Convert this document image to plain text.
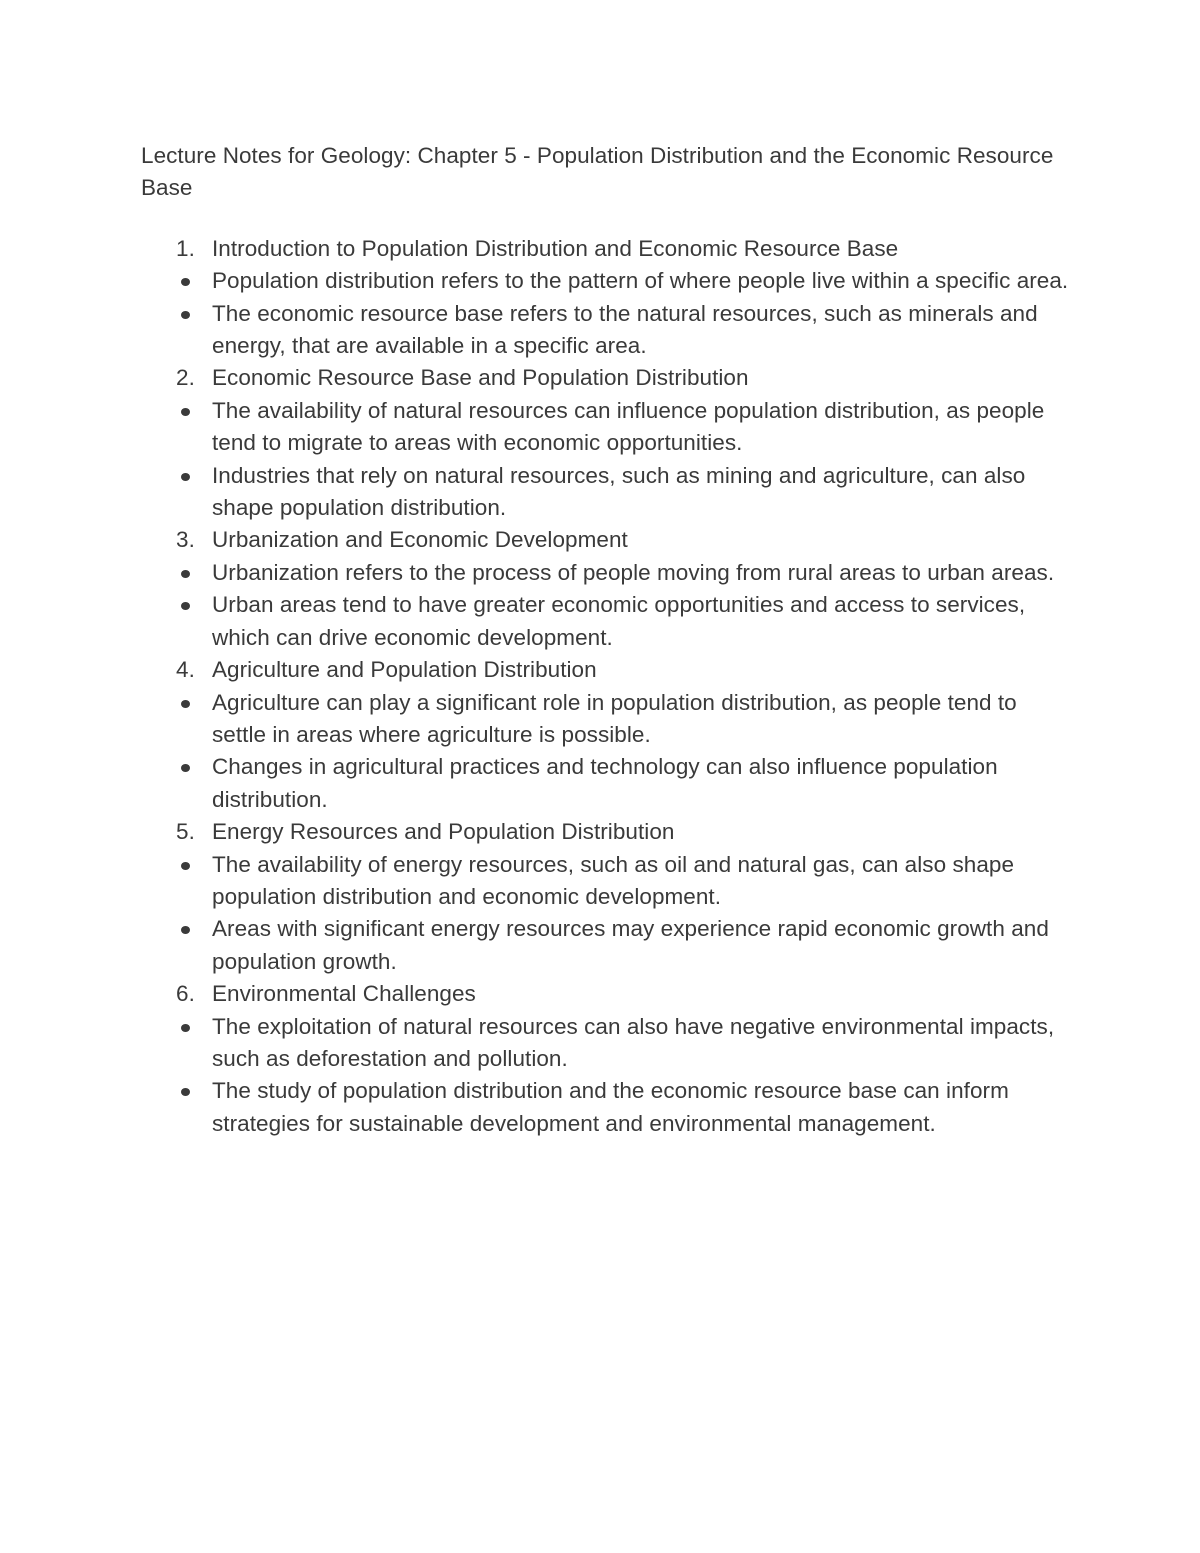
Lecture Notes for Geology: Chapter 5 - Population Distribution and the Economic Resource Base
1. Introduction to Population Distribution and Economic Resource Base
Population distribution refers to the pattern of where people live within a specific area.
The economic resource base refers to the natural resources, such as minerals and energy, that are available in a specific area.
2. Economic Resource Base and Population Distribution
The availability of natural resources can influence population distribution, as people tend to migrate to areas with economic opportunities.
Industries that rely on natural resources, such as mining and agriculture, can also shape population distribution.
3. Urbanization and Economic Development
Urbanization refers to the process of people moving from rural areas to urban areas.
Urban areas tend to have greater economic opportunities and access to services, which can drive economic development.
4. Agriculture and Population Distribution
Agriculture can play a significant role in population distribution, as people tend to settle in areas where agriculture is possible.
Changes in agricultural practices and technology can also influence population distribution.
5. Energy Resources and Population Distribution
The availability of energy resources, such as oil and natural gas, can also shape population distribution and economic development.
Areas with significant energy resources may experience rapid economic growth and population growth.
6. Environmental Challenges
The exploitation of natural resources can also have negative environmental impacts, such as deforestation and pollution.
The study of population distribution and the economic resource base can inform strategies for sustainable development and environmental management.
